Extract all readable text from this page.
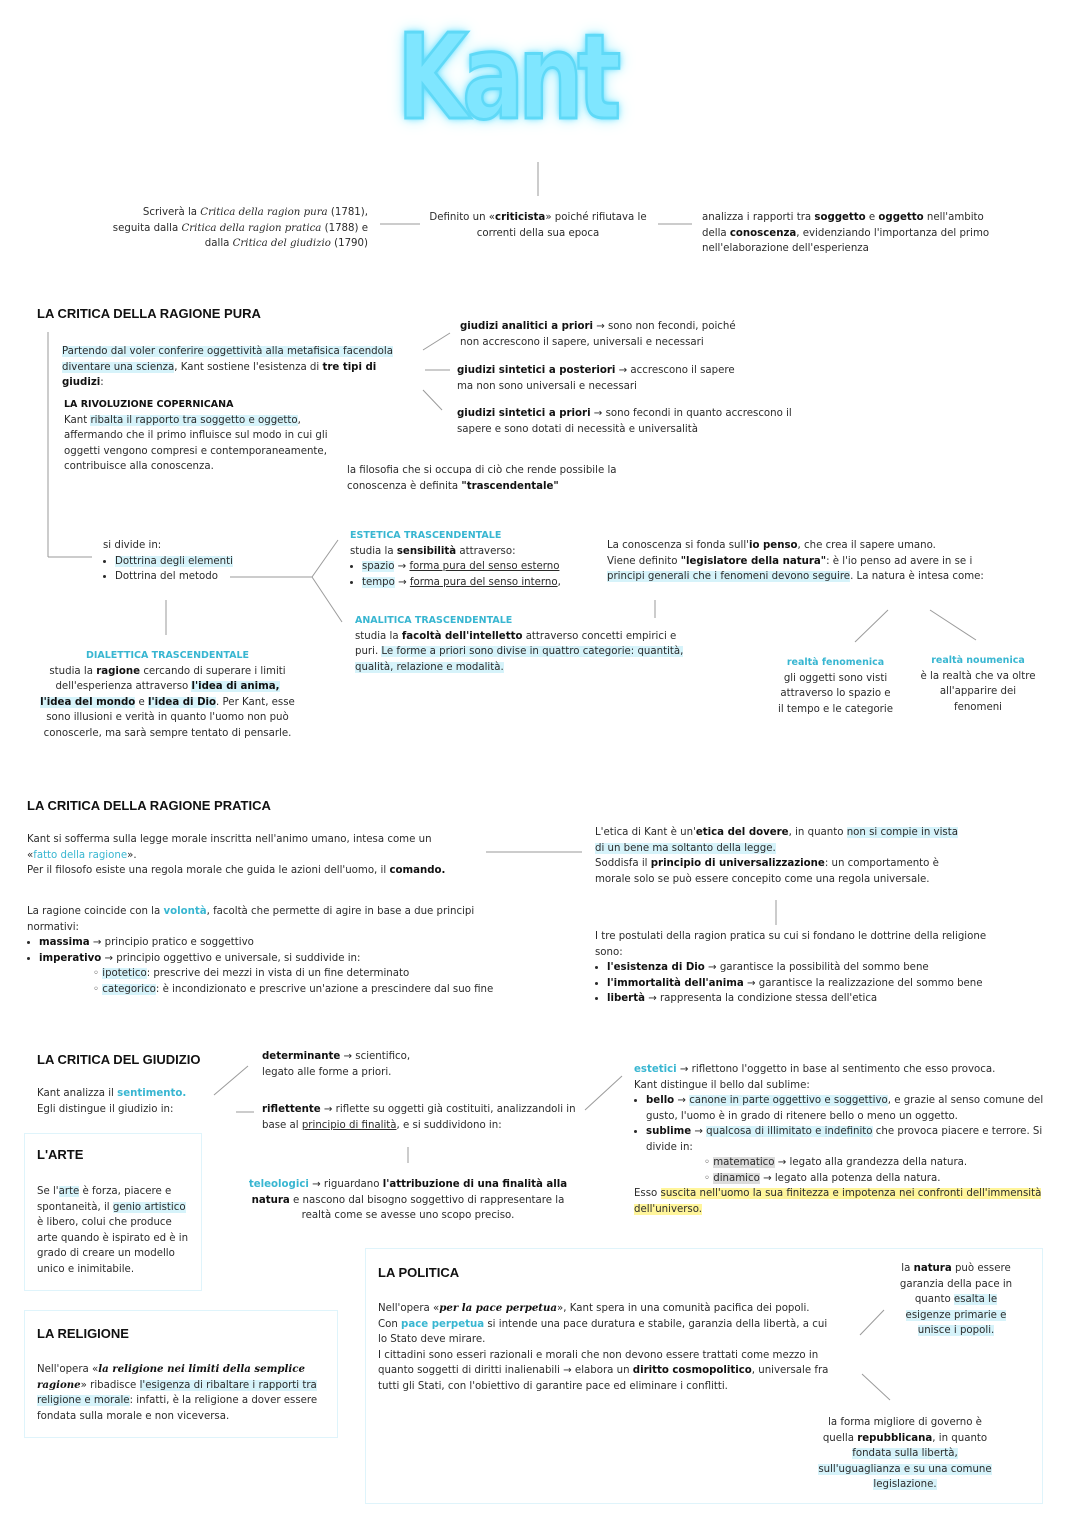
Kant
Scriverà la Critica della ragion pura (1781), seguita dalla Critica della ragion pratica (1788) e dalla Critica del giudizio (1790)
Definito un «criticista» poiché rifiutava le correnti della sua epoca
analizza i rapporti tra soggetto e oggetto nell'ambito della conoscenza, evidenziando l'importanza del primo nell'elaborazione dell'esperienza
LA CRITICA DELLA RAGIONE PURA
Partendo dal voler conferire oggettività alla metafisica facendola diventare una scienza, Kant sostiene l'esistenza di tre tipi di giudizi:
giudizi analitici a priori → sono non fecondi, poiché non accrescono il sapere, universali e necessari
giudizi sintetici a posteriori → accrescono il sapere ma non sono universali e necessari
giudizi sintetici a priori → sono fecondi in quanto accrescono il sapere e sono dotati di necessità e universalità
LA RIVOLUZIONE COPERNICANA
Kant ribalta il rapporto tra soggetto e oggetto, affermando che il primo influisce sul modo in cui gli oggetti vengono compresi e contemporaneamente, contribuisce alla conoscenza.	la filosofia che si occupa di ciò che rende possibile la conoscenza è definita "trascendentale"
si divide in:
• Dottrina degli elementi
• Dottrina del metodo
ESTETICA TRASCENDENTALE
studia la sensibilità attraverso:
• spazio → forma pura del senso esterno
• tempo → forma pura del senso interno,
ANALITICA TRASCENDENTALE
studia la facoltà dell'intelletto attraverso concetti empirici e puri. Le forme a priori sono divise in quattro categorie: quantità, qualità, relazione e modalità.
DIALETTICA TRASCENDENTALE
studia la ragione cercando di superare i limiti dell'esperienza attraverso l'idea di anima, l'idea del mondo e l'idea di Dio. Per Kant, esse sono illusioni e verità in quanto l'uomo non può conoscerle, ma sarà sempre tentato di pensarle.
La conoscenza si fonda sull'io penso, che crea il sapere umano.
Viene definito "legislatore della natura": è l'io penso ad avere in se i principi generali che i fenomeni devono seguire. La natura è intesa come:
realtà fenomenica
gli oggetti sono visti attraverso lo spazio e il tempo e le categorie
realtà noumenica
è la realtà che va oltre all'apparire dei fenomeni
LA CRITICA DELLA RAGIONE PRATICA
Kant si sofferma sulla legge morale inscritta nell'animo umano, intesa come un «fatto della ragione».
Per il filosofo esiste una regola morale che guida le azioni dell'uomo, il comando.
L'etica di Kant è un'etica del dovere, in quanto non si compie in vista di un bene ma soltanto della legge.
Soddisfa il principio di universalizzazione: un comportamento è morale solo se può essere concepito come una regola universale.
La ragione coincide con la volontà, facoltà che permette di agire in base a due principi normativi:
• massima → principio pratico e soggettivo
• imperativo → principio oggettivo e universale, si suddivide in:
◦ ipotetico: prescrive dei mezzi in vista di un fine determinato
◦ categorico: è incondizionato e prescrive un'azione a prescindere dal suo fine
I tre postulati della ragion pratica su cui si fondano le dottrine della religione sono:
• l'esistenza di Dio → garantisce la possibilità del sommo bene
• l'immortalità dell'anima → garantisce la realizzazione del sommo bene
• libertà → rappresenta la condizione stessa dell'etica
LA CRITICA DEL GIUDIZIO
Kant analizza il sentimento.
Egli distingue il giudizio in:
determinante → scientifico, legato alle forme a priori.
riflettente → riflette su oggetti già costituiti, analizzandoli in base al principio di finalità, e si suddividono in:
teleologici → riguardano l'attribuzione di una finalità alla natura e nascono dal bisogno soggettivo di rappresentare la realtà come se avesse uno scopo preciso.
estetici → riflettono l'oggetto in base al sentimento che esso provoca.
Kant distingue il bello dal sublime:
• bello → canone in parte oggettivo e soggettivo, e grazie al senso comune del gusto, l'uomo è in grado di ritenere bello o meno un oggetto.
• sublime → qualcosa di illimitato e indefinito che provoca piacere e terrore. Si divide in:
◦ matematico → legato alla grandezza della natura.
◦ dinamico → legato alla potenza della natura.
Esso suscita nell'uomo la sua finitezza e impotenza nei confronti dell'immensità dell'universo.
L'ARTE
Se l'arte è forza, piacere e spontaneità, il genio artistico è libero, colui che produce arte quando è ispirato ed è in grado di creare un modello unico e inimitabile.
LA RELIGIONE
Nell'opera «la religione nei limiti della semplice ragione» ribadisce l'esigenza di ribaltare i rapporti tra religione e morale: infatti, è la religione a dover essere fondata sulla morale e non viceversa.
LA POLITICA
Nell'opera «per la pace perpetua», Kant spera in una comunità pacifica dei popoli.
Con pace perpetua si intende una pace duratura e stabile, garanzia della libertà, a cui lo Stato deve mirare.
I cittadini sono esseri razionali e morali che non devono essere trattati come mezzo in quanto soggetti di diritti inalienabili → elabora un diritto cosmopolitico, universale fra tutti gli Stati, con l'obiettivo di garantire pace ed eliminare i conflitti.
la natura può essere garanzia della pace in quanto esalta le esigenze primarie e unisce i popoli.
la forma migliore di governo è quella repubblicana, in quanto fondata sulla libertà, sull'uguaglianza e su una comune legislazione.
